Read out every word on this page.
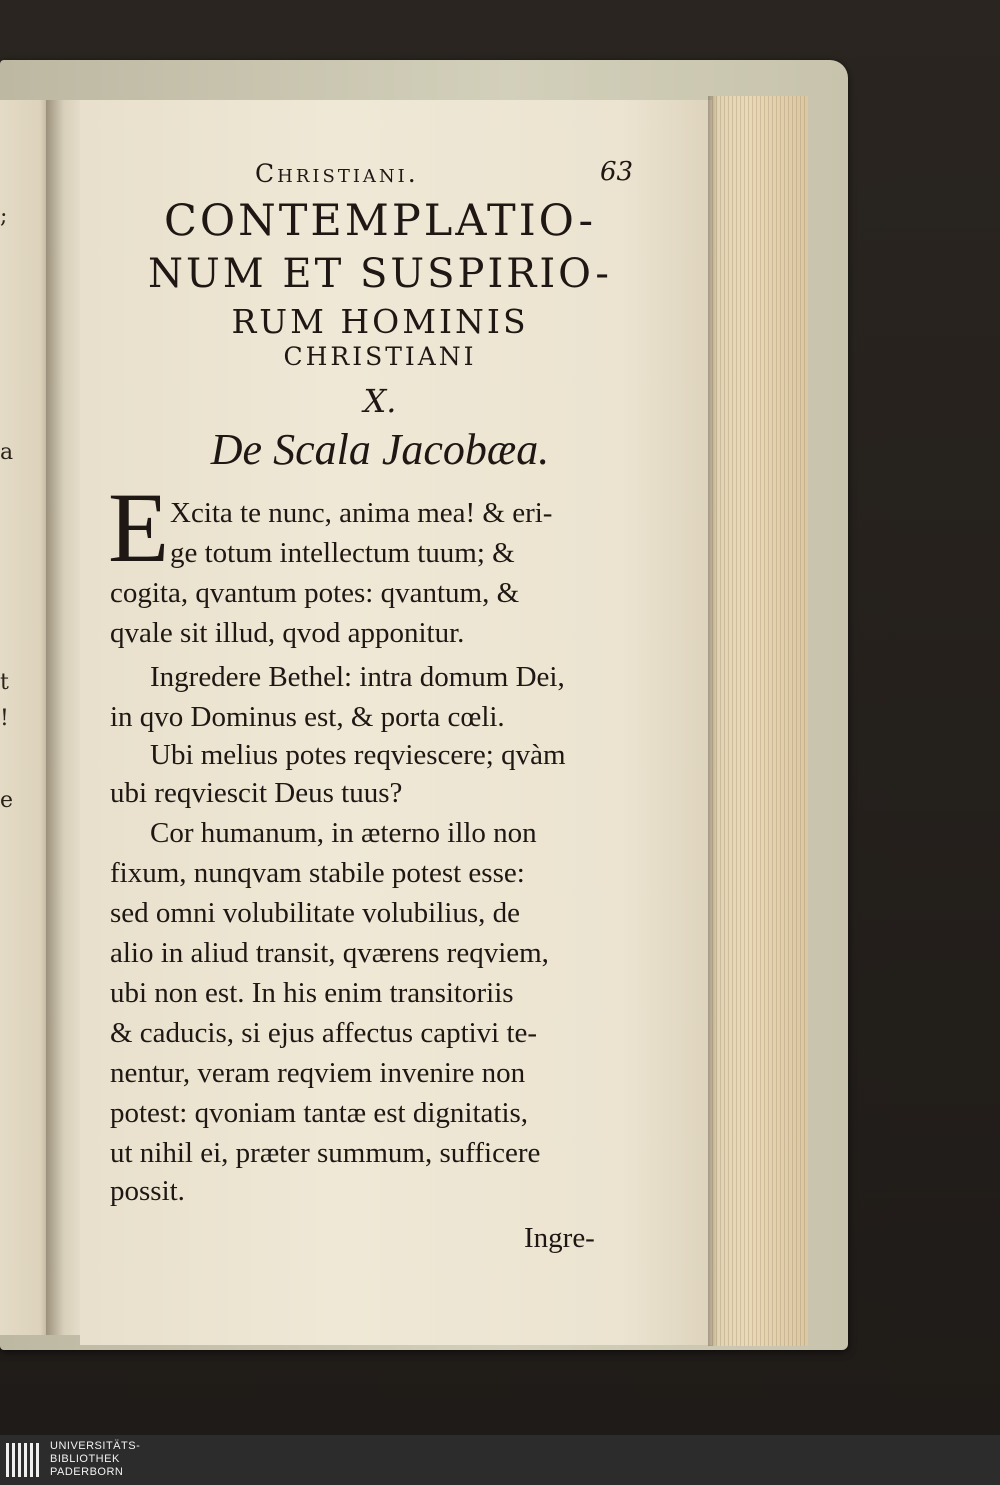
;
t
!
e
a
Christiani.	63
CONTEMPLATIO-
NUM ET SUSPIRIO-
RUM HOMINIS
CHRISTIANI
X.
De Scala Jacobæa.
E Xcita te nunc, anima mea! & eri-
ge totum intellectum tuum; &
cogita, qvantum potes: qvantum, &
qvale sit illud, qvod apponitur.
Ingredere Bethel: intra domum Dei,
in qvo Dominus est, & porta cœli.
Ubi melius potes reqviescere; qvàm
ubi reqviescit Deus tuus?
Cor humanum, in æterno illo non
fixum, nunqvam stabile potest esse:
sed omni volubilitate volubilius, de
alio in aliud transit, qværens reqviem,
ubi non est. In his enim transitoriis
& caducis, si ejus affectus captivi te-
nentur, veram reqviem invenire non
potest: qvoniam tantæ est dignitatis,
ut nihil ei, præter summum, sufficere
possit.
Ingre-
UNIVERSITÄTS-
BIBLIOTHEK
PADERBORN
